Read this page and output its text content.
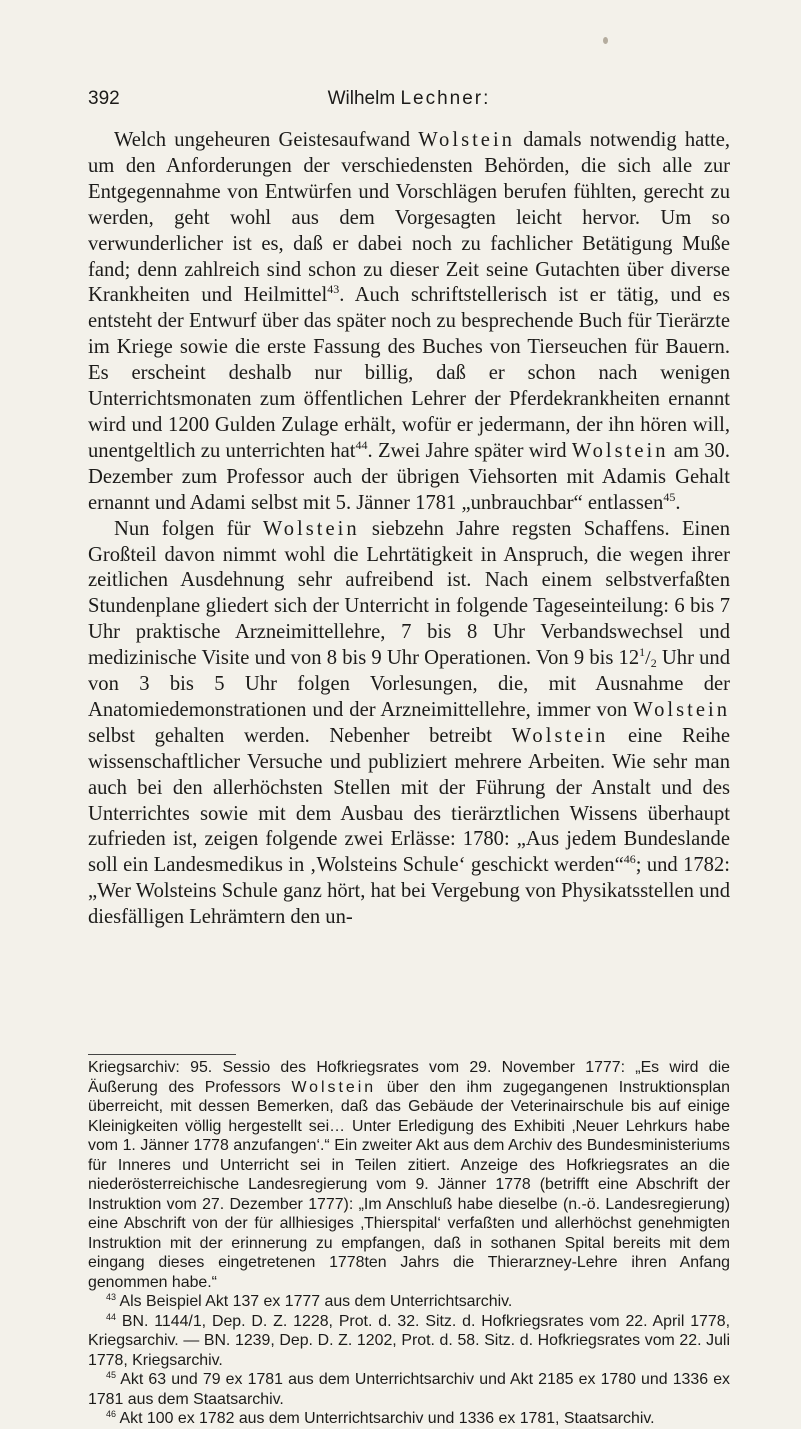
392	Wilhelm Lechner:

Welch ungeheuren Geistesaufwand Wolstein damals notwendig hatte, um den Anforderungen der verschiedensten Behörden, die sich alle zur Entgegennahme von Entwürfen und Vorschlägen berufen fühlten, gerecht zu werden, geht wohl aus dem Vorgesagten leicht hervor. Um so verwunderlicher ist es, daß er dabei noch zu fachlicher Betätigung Muße fand; denn zahlreich sind schon zu dieser Zeit seine Gutachten über diverse Krankheiten und Heilmittel$^{43}$. Auch schriftstellerisch ist er tätig, und es entsteht der Entwurf über das später noch zu besprechende Buch für Tierärzte im Kriege sowie die erste Fassung des Buches von Tierseuchen für Bauern. Es erscheint deshalb nur billig, daß er schon nach wenigen Unterrichtsmonaten zum öffentlichen Lehrer der Pferdekrankheiten ernannt wird und 1200 Gulden Zulage erhält, wofür er jedermann, der ihn hören will, unentgeltlich zu unterrichten hat$^{44}$. Zwei Jahre später wird Wolstein am 30. Dezember zum Professor auch der übrigen Viehsorten mit Adamis Gehalt ernannt und Adami selbst mit 5. Jänner 1781 „unbrauchbar“ entlassen$^{45}$.

Nun folgen für Wolstein siebzehn Jahre regsten Schaffens. Einen Großteil davon nimmt wohl die Lehrtätigkeit in Anspruch, die wegen ihrer zeitlichen Ausdehnung sehr aufreibend ist. Nach einem selbstverfaßten Stundenplane gliedert sich der Unterricht in folgende Tageseinteilung: 6 bis 7 Uhr praktische Arzneimittellehre, 7 bis 8 Uhr Verbandswechsel und medizinische Visite und von 8 bis 9 Uhr Operationen. Von 9 bis $12^1/_2$ Uhr und von 3 bis 5 Uhr folgen Vorlesungen, die, mit Ausnahme der Anatomiedemonstrationen und der Arzneimittellehre, immer von Wolstein selbst gehalten werden. Nebenher betreibt Wolstein eine Reihe wissenschaftlicher Versuche und publiziert mehrere Arbeiten. Wie sehr man auch bei den allerhöchsten Stellen mit der Führung der Anstalt und des Unterrichtes sowie mit dem Ausbau des tierärztlichen Wissens überhaupt zufrieden ist, zeigen folgende zwei Erlässe: 1780: „Aus jedem Bundeslande soll ein Landesmedikus in ‚Wolsteins Schule‘ geschickt werden“$^{46}$; und 1782: „Wer Wolsteins Schule ganz hört, hat bei Vergebung von Physikatsstellen und diesfälligen Lehrämtern den un-

Kriegsarchiv: 95. Sessio des Hofkriegsrates vom 29. November 1777: „Es wird die Äußerung des Professors Wolstein über den ihm zugegangenen Instruktionsplan überreicht, mit dessen Bemerken, daß das Gebäude der Veterinairschule bis auf einige Kleinigkeiten völlig hergestellt sei… Unter Erledigung des Exhibiti ‚Neuer Lehrkurs habe vom 1. Jänner 1778 anzufangen‘.“ Ein zweiter Akt aus dem Archiv des Bundesministeriums für Inneres und Unterricht sei in Teilen zitiert. Anzeige des Hofkriegsrates an die niederösterreichische Landesregierung vom 9. Jänner 1778 (betrifft eine Abschrift der Instruktion vom 27. Dezember 1777): „Im Anschluß habe dieselbe (n.-ö. Landesregierung) eine Abschrift von der für allhiesiges ‚Thierspital‘ verfaßten und allerhöchst genehmigten Instruktion mit der erinnerung zu empfangen, daß in sothanen Spital bereits mit dem eingang dieses eingetretenen 1778ten Jahrs die Thierarzney-Lehre ihren Anfang genommen habe.“

$^{43}$ Als Beispiel Akt 137 ex 1777 aus dem Unterrichtsarchiv.

$^{44}$ BN. 1144/1, Dep. D. Z. 1228, Prot. d. 32. Sitz. d. Hofkriegsrates vom 22. April 1778, Kriegsarchiv. — BN. 1239, Dep. D. Z. 1202, Prot. d. 58. Sitz. d. Hofkriegsrates vom 22. Juli 1778, Kriegsarchiv.

$^{45}$ Akt 63 und 79 ex 1781 aus dem Unterrichtsarchiv und Akt 2185 ex 1780 und 1336 ex 1781 aus dem Staatsarchiv.

$^{46}$ Akt 100 ex 1782 aus dem Unterrichtsarchiv und 1336 ex 1781, Staatsarchiv.
